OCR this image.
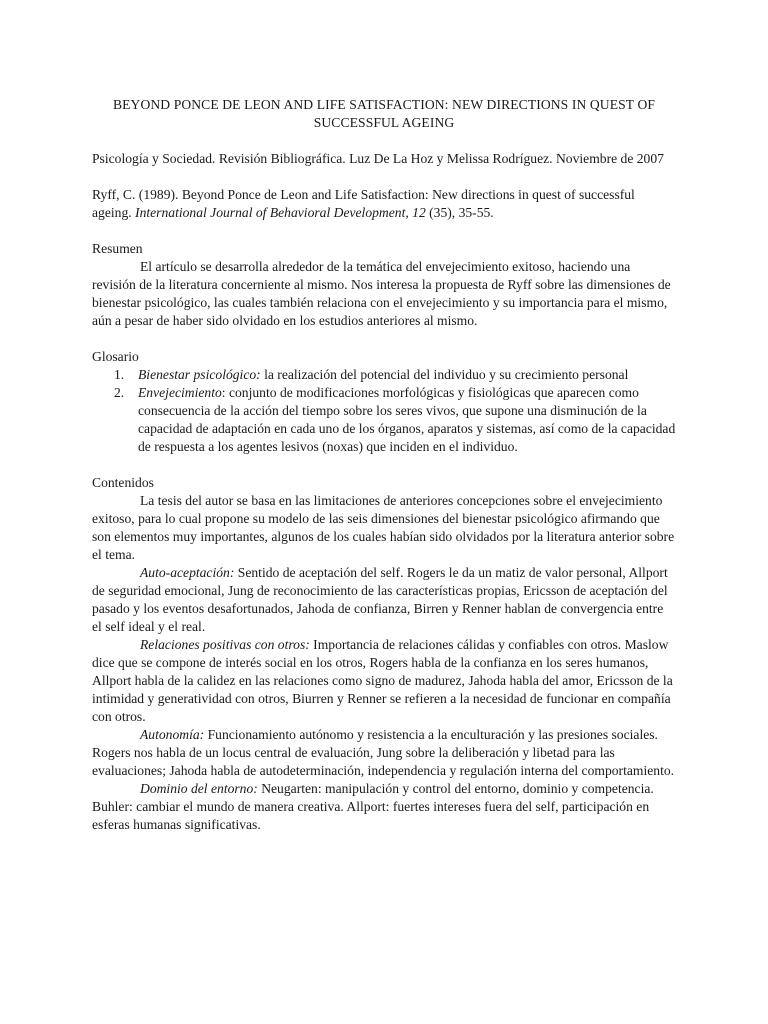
BEYOND PONCE DE LEON AND LIFE SATISFACTION: NEW DIRECTIONS IN QUEST OF SUCCESSFUL AGEING

Psicología y Sociedad. Revisión Bibliográfica. Luz De La Hoz y Melissa Rodríguez. Noviembre de 2007

Ryff, C. (1989). Beyond Ponce de Leon and Life Satisfaction: New directions in quest of successful ageing. International Journal of Behavioral Development, 12 (35), 35-55.

Resumen

El artículo se desarrolla alrededor de la temática del envejecimiento exitoso, haciendo una revisión de la literatura concerniente al mismo. Nos interesa la propuesta de Ryff sobre las dimensiones de bienestar psicológico, las cuales también relaciona con el envejecimiento y su importancia para el mismo, aún a pesar de haber sido olvidado en los estudios anteriores al mismo.

Glosario

1. Bienestar psicológico: la realización del potencial del individuo y su crecimiento personal
2. Envejecimiento: conjunto de modificaciones morfológicas y fisiológicas que aparecen como consecuencia de la acción del tiempo sobre los seres vivos, que supone una disminución de la capacidad de adaptación en cada uno de los órganos, aparatos y sistemas, así como de la capacidad de respuesta a los agentes lesivos (noxas) que inciden en el individuo.

Contenidos

La tesis del autor se basa en las limitaciones de anteriores concepciones sobre el envejecimiento exitoso, para lo cual propone su modelo de las seis dimensiones del bienestar psicológico afirmando que son elementos muy importantes, algunos de los cuales habían sido olvidados por la literatura anterior sobre el tema.

Auto-aceptación: Sentido de aceptación del self. Rogers le da un matiz de valor personal, Allport de seguridad emocional, Jung de reconocimiento de las características propias, Ericsson de aceptación del pasado y los eventos desafortunados, Jahoda de confianza, Birren y Renner hablan de convergencia entre el self ideal y el real.

Relaciones positivas con otros: Importancia de relaciones cálidas y confiables con otros. Maslow dice que se compone de interés social en los otros, Rogers habla de la confianza en los seres humanos, Allport habla de la calidez en las relaciones como signo de madurez, Jahoda habla del amor, Ericsson de la intimidad y generatividad con otros, Biurren y Renner se refieren a la necesidad de funcionar en compañía con otros.

Autonomía: Funcionamiento autónomo y resistencia a la enculturación y las presiones sociales. Rogers nos habla de un locus central de evaluación, Jung sobre la deliberación y libetad para las evaluaciones; Jahoda habla de autodeterminación, independencia y regulación interna del comportamiento.

Dominio del entorno: Neugarten: manipulación y control del entorno, dominio y competencia. Buhler: cambiar el mundo de manera creativa. Allport: fuertes intereses fuera del self, participación en esferas humanas significativas.
